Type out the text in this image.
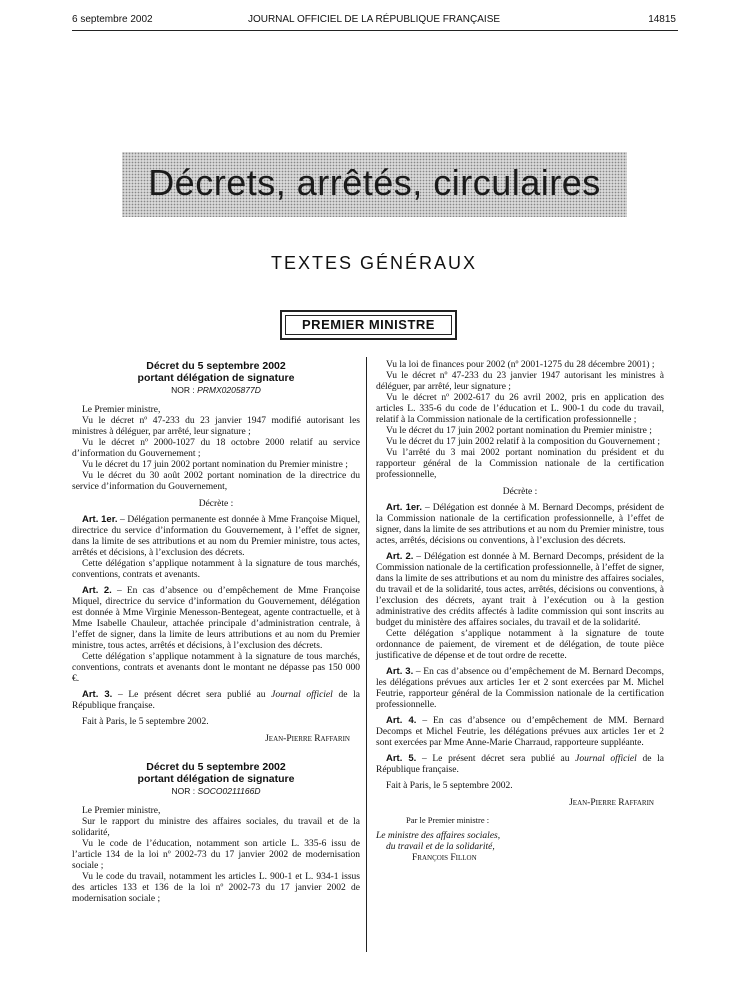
6 septembre 2002	JOURNAL OFFICIEL DE LA RÉPUBLIQUE FRANÇAISE	14815
Décrets, arrêtés, circulaires
TEXTES GÉNÉRAUX
PREMIER MINISTRE
Décret du 5 septembre 2002
portant délégation de signature
NOR : PRMX0205877D

Le Premier ministre,

Vu le décret nº 47-233 du 23 janvier 1947 modifié autorisant les ministres à déléguer, par arrêté, leur signature ;

Vu le décret nº 2000-1027 du 18 octobre 2000 relatif au service d’information du Gouvernement ;

Vu le décret du 17 juin 2002 portant nomination du Premier ministre ;

Vu le décret du 30 août 2002 portant nomination de la directrice du service d’information du Gouvernement,

Décrète :

Art. 1er. – Délégation permanente est donnée à Mme Françoise Miquel, directrice du service d’information du Gouvernement, à l’effet de signer, dans la limite de ses attributions et au nom du Premier ministre, tous actes, arrêtés et décisions, à l’exclusion des décrets.

Cette délégation s’applique notamment à la signature de tous marchés, conventions, contrats et avenants.

Art. 2. – En cas d’absence ou d’empêchement de Mme Françoise Miquel, directrice du service d’information du Gouvernement, délégation est donnée à Mme Virginie Menesson-Bentegeat, agente contractuelle, et à Mme Isabelle Chauleur, attachée principale d’administration centrale, à l’effet de signer, dans la limite de leurs attributions et au nom du Premier ministre, tous actes, arrêtés et décisions, à l’exclusion des décrets.

Cette délégation s’applique notamment à la signature de tous marchés, conventions, contrats et avenants dont le montant ne dépasse pas 150 000 €.

Art. 3. – Le présent décret sera publié au Journal officiel de la République française.

Fait à Paris, le 5 septembre 2002.

Jean-Pierre Raffarin
Décret du 5 septembre 2002
portant délégation de signature
NOR : SOCO0211166D

Le Premier ministre,

Sur le rapport du ministre des affaires sociales, du travail et de la solidarité,

Vu le code de l’éducation, notamment son article L. 335-6 issu de l’article 134 de la loi nº 2002-73 du 17 janvier 2002 de modernisation sociale ;

Vu le code du travail, notamment les articles L. 900-1 et L. 934-1 issus des articles 133 et 136 de la loi nº 2002-73 du 17 janvier 2002 de modernisation sociale ;

Vu la loi de finances pour 2002 (nº 2001-1275 du 28 décembre 2001) ;

Vu le décret nº 47-233 du 23 janvier 1947 autorisant les ministres à déléguer, par arrêté, leur signature ;

Vu le décret nº 2002-617 du 26 avril 2002, pris en application des articles L. 335-6 du code de l’éducation et L. 900-1 du code du travail, relatif à la Commission nationale de la certification professionnelle ;

Vu le décret du 17 juin 2002 portant nomination du Premier ministre ;

Vu le décret du 17 juin 2002 relatif à la composition du Gouvernement ;

Vu l’arrêté du 3 mai 2002 portant nomination du président et du rapporteur général de la Commission nationale de la certification professionnelle,

Décrète :

Art. 1er. – Délégation est donnée à M. Bernard Decomps, président de la Commission nationale de la certification professionnelle, à l’effet de signer, dans la limite de ses attributions et au nom du Premier ministre, tous actes, arrêtés, décisions ou conventions, à l’exclusion des décrets.

Art. 2. – Délégation est donnée à M. Bernard Decomps, président de la Commission nationale de la certification professionnelle, à l’effet de signer, dans la limite de ses attributions et au nom du ministre des affaires sociales, du travail et de la solidarité, tous actes, arrêtés, décisions ou conventions, à l’exclusion des décrets, ayant trait à l’exécution ou à la gestion administrative des crédits affectés à ladite commission qui sont inscrits au budget du ministère des affaires sociales, du travail et de la solidarité.

Cette délégation s’applique notamment à la signature de toute ordonnance de paiement, de virement et de délégation, de toute pièce justificative de dépense et de tout ordre de recette.

Art. 3. – En cas d’absence ou d’empêchement de M. Bernard Decomps, les délégations prévues aux articles 1er et 2 sont exercées par M. Michel Feutrie, rapporteur général de la Commission nationale de la certification professionnelle.

Art. 4. – En cas d’absence ou d’empêchement de MM. Bernard Decomps et Michel Feutrie, les délégations prévues aux articles 1er et 2 sont exercées par Mme Anne-Marie Charraud, rapporteure suppléante.

Art. 5. – Le présent décret sera publié au Journal officiel de la République française.

Fait à Paris, le 5 septembre 2002.

Jean-Pierre Raffarin
Par le Premier ministre :
Le ministre des affaires sociales,
du travail et de la solidarité,
François Fillon
